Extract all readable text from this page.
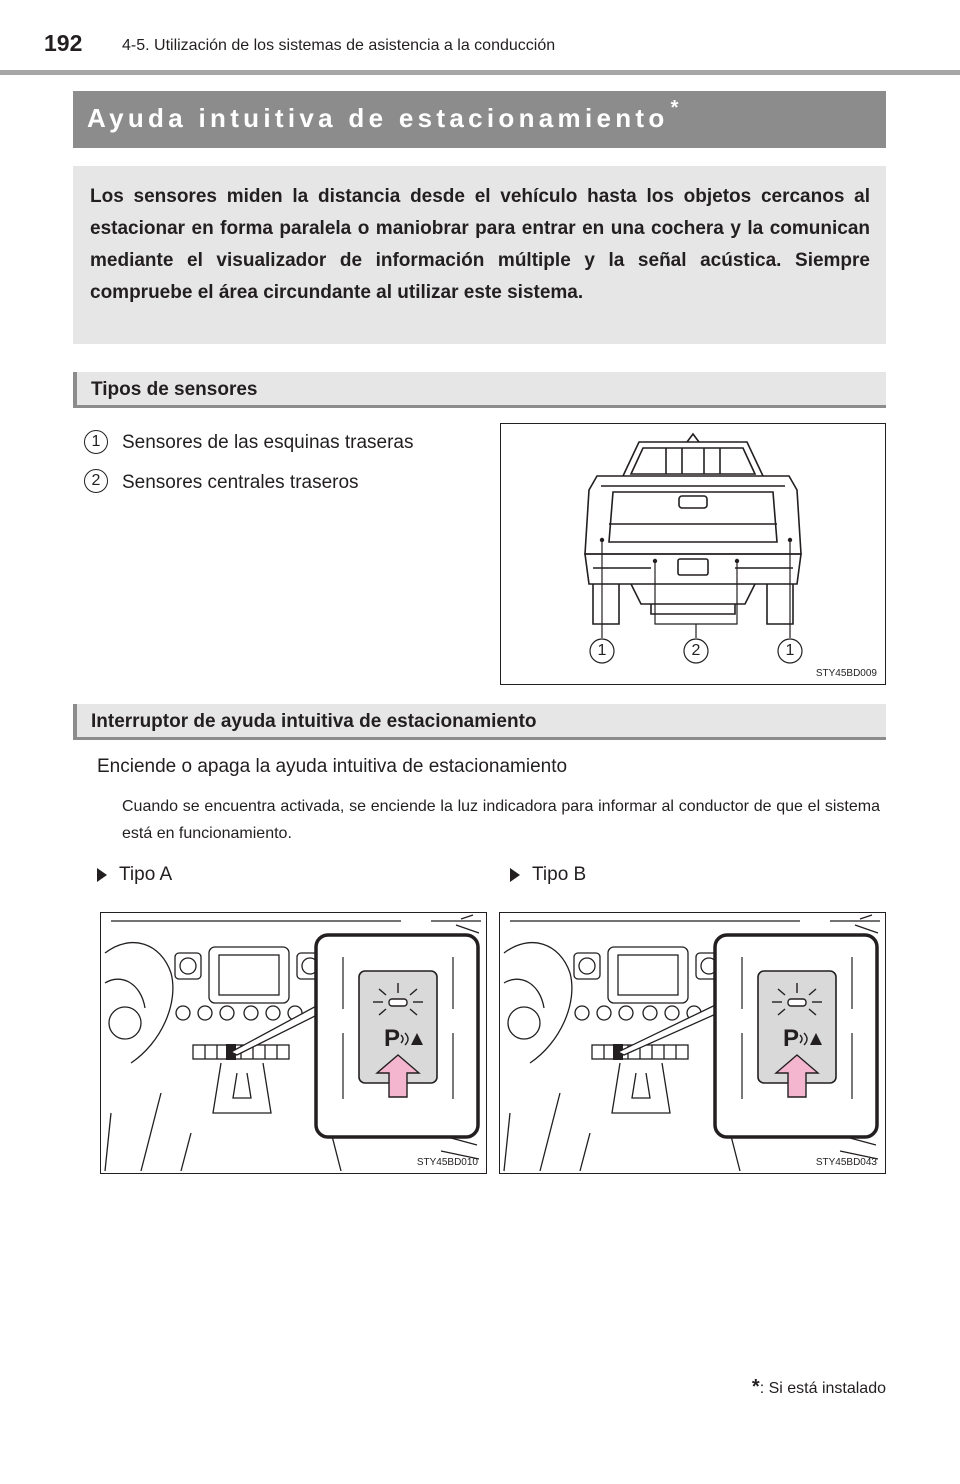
192 4-5. Utilización de los sistemas de asistencia a la conducción
Ayuda intuitiva de estacionamiento *
Los sensores miden la distancia desde el vehículo hasta los objetos cercanos al estacionar en forma paralela o maniobrar para entrar en una cochera y la comunican mediante el visualizador de información múltiple y la señal acústica. Siempre compruebe el área circundante al utilizar este sistema.
Tipos de sensores
1	Sensores de las esquinas traseras
2	Sensores centrales traseros
1	2	1
STY45BD009
Interruptor de ayuda intuitiva de estacionamiento
Enciende o apaga la ayuda intuitiva de estacionamiento
Cuando se encuentra activada, se enciende la luz indicadora para informar al conductor de que el sistema está en funcionamiento.
Tipo A	Tipo B
P
STY45BD010
P
STY45BD043
*: Si está instalado
